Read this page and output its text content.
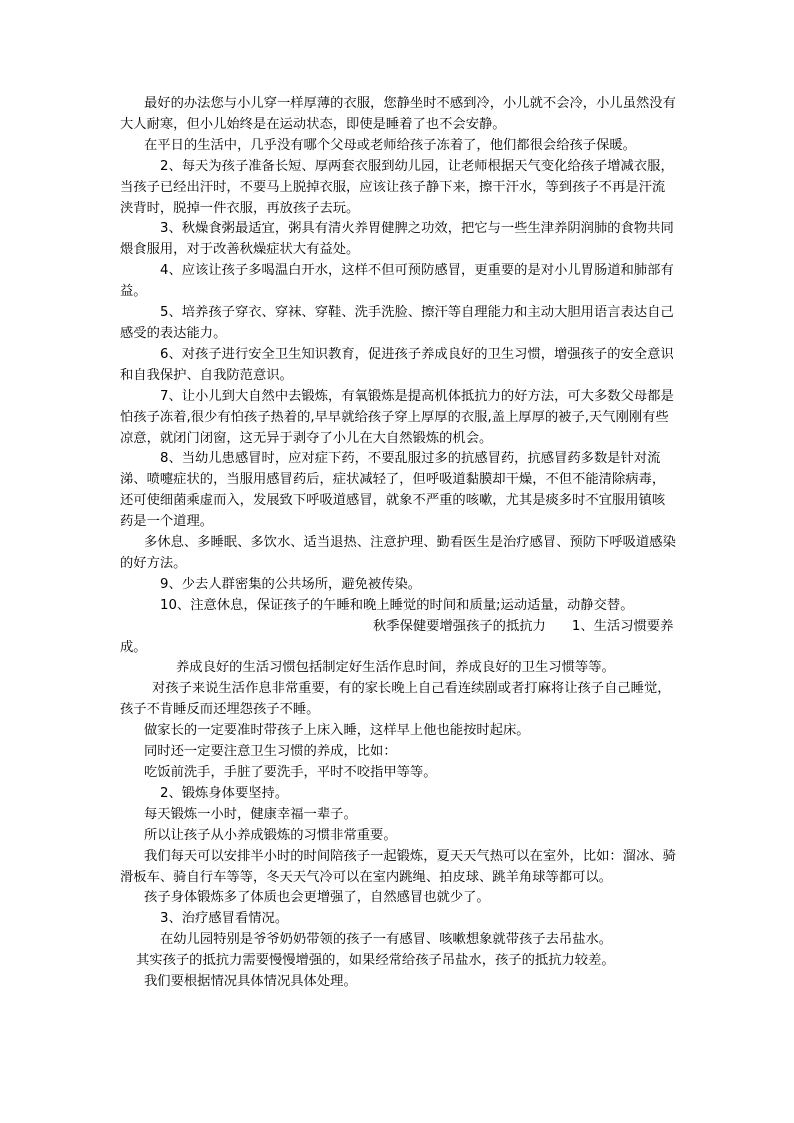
最好的办法您与小儿穿一样厚薄的衣服，您静坐时不感到冷，小儿就不会冷，小儿虽然没有大人耐寒，但小儿始终是在运动状态，即使是睡着了也不会安静。

在平日的生活中，几乎没有哪个父母或老师给孩子冻着了，他们都很会给孩子保暖。

2、每天为孩子准备长短、厚两套衣服到幼儿园，让老师根据天气变化给孩子增减衣服，当孩子已经出汗时，不要马上脱掉衣服，应该让孩子静下来，擦干汗水，等到孩子不再是汗流浃背时，脱掉一件衣服，再放孩子去玩。

3、秋燥食粥最适宜，粥具有清火养胃健脾之功效，把它与一些生津养阴润肺的食物共同煨食服用，对于改善秋燥症状大有益处。

4、应该让孩子多喝温白开水，这样不但可预防感冒，更重要的是对小儿胃肠道和肺部有益。

5、培养孩子穿衣、穿袜、穿鞋、洗手洗脸、擦汗等自理能力和主动大胆用语言表达自己感受的表达能力。

6、对孩子进行安全卫生知识教育，促进孩子养成良好的卫生习惯，增强孩子的安全意识和自我保护、自我防范意识。

7、让小儿到大自然中去锻炼，有氧锻炼是提高机体抵抗力的好方法，可大多数父母都是怕孩子冻着,很少有怕孩子热着的,早早就给孩子穿上厚厚的衣服,盖上厚厚的被子,天气刚刚有些凉意，就闭门闭窗，这无异于剥夺了小儿在大自然锻炼的机会。

8、当幼儿患感冒时，应对症下药，不要乱服过多的抗感冒药，抗感冒药多数是针对流涕、喷嚏症状的，当服用感冒药后，症状减轻了，但呼吸道黏膜却干燥，不但不能清除病毒，还可使细菌乘虚而入，发展致下呼吸道感冒，就象不严重的咳嗽，尤其是痰多时不宜服用镇咳药是一个道理。

多休息、多睡眠、多饮水、适当退热、注意护理、勤看医生是治疗感冒、预防下呼吸道感染的好方法。

9、少去人群密集的公共场所，避免被传染。

10、注意休息，保证孩子的午睡和晚上睡觉的时间和质量;运动适量，动静交替。

秋季保健要增强孩子的抵抗力 1、生活习惯要养成。

养成良好的生活习惯包括制定好生活作息时间，养成良好的卫生习惯等等。

对孩子来说生活作息非常重要，有的家长晚上自己看连续剧或者打麻将让孩子自己睡觉，孩子不肯睡反而还埋怨孩子不睡。

做家长的一定要准时带孩子上床入睡，这样早上他也能按时起床。

同时还一定要注意卫生习惯的养成，比如：

吃饭前洗手，手脏了要洗手，平时不咬指甲等等。

2、锻炼身体要坚持。

每天锻炼一小时，健康幸福一辈子。

所以让孩子从小养成锻炼的习惯非常重要。

我们每天可以安排半小时的时间陪孩子一起锻炼，夏天天气热可以在室外，比如：溜冰、骑滑板车、骑自行车等等，冬天天气冷可以在室内跳绳、拍皮球、跳羊角球等都可以。

孩子身体锻炼多了体质也会更增强了，自然感冒也就少了。

3、治疗感冒看情况。

在幼儿园特别是爷爷奶奶带领的孩子一有感冒、咳嗽想象就带孩子去吊盐水。

其实孩子的抵抗力需要慢慢增强的，如果经常给孩子吊盐水，孩子的抵抗力较差。

我们要根据情况具体情况具体处理。
